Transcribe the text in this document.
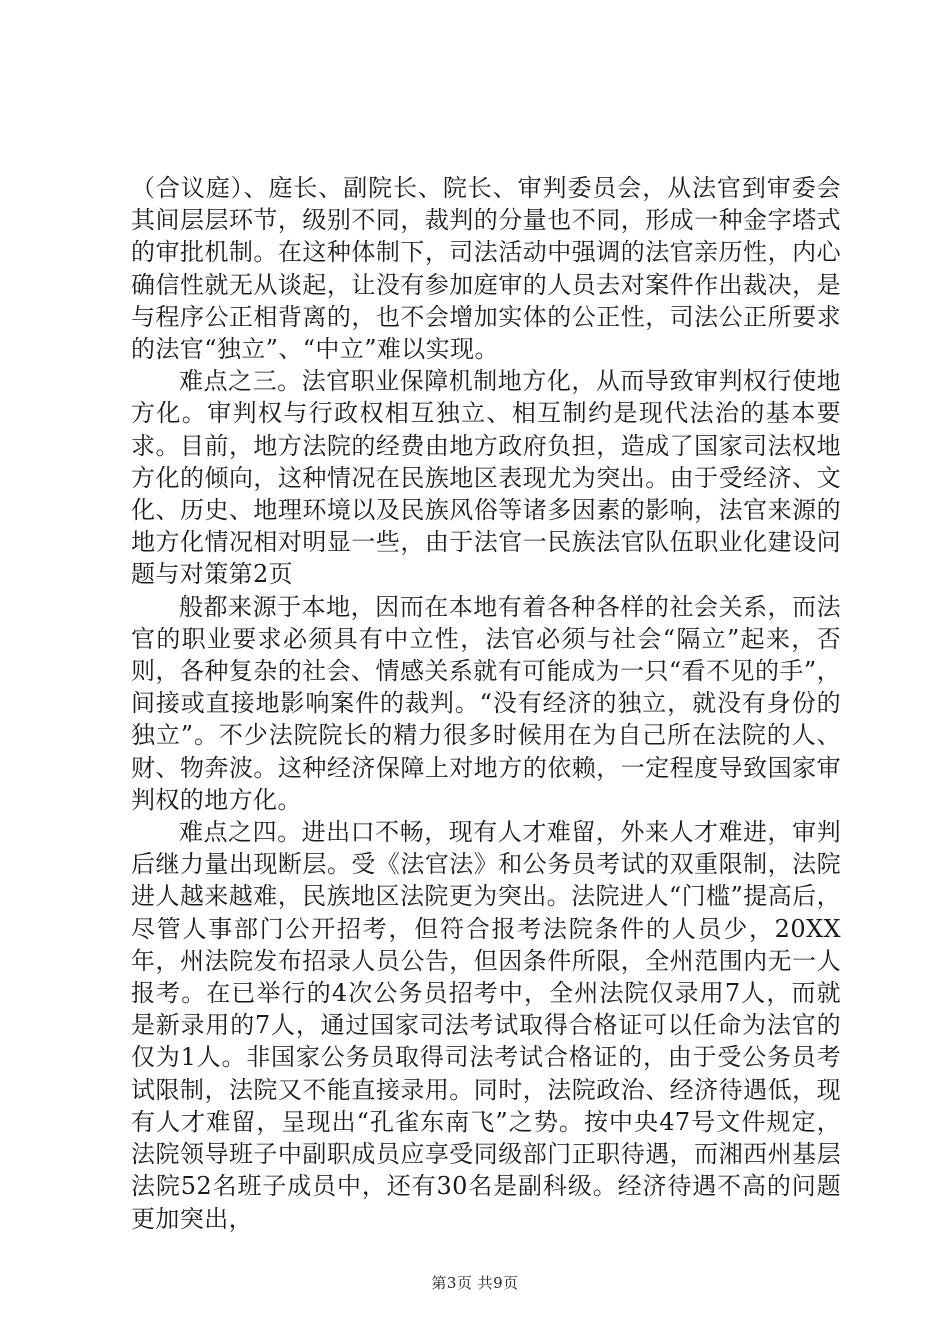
（合议庭）、庭长、副院长、院长、审判委员会，从法官到审委会其间层层环节，级别不同，裁判的分量也不同，形成一种金字塔式的审批机制。在这种体制下，司法活动中强调的法官亲历性，内心确信性就无从谈起，让没有参加庭审的人员去对案件作出裁决，是与程序公正相背离的，也不会增加实体的公正性，司法公正所要求的法官“独立”、“中立”难以实现。

难点之三。法官职业保障机制地方化，从而导致审判权行使地方化。审判权与行政权相互独立、相互制约是现代法治的基本要求。目前，地方法院的经费由地方政府负担，造成了国家司法权地方化的倾向，这种情况在民族地区表现尤为突出。由于受经济、文化、历史、地理环境以及民族风俗等诸多因素的影响，法官来源的地方化情况相对明显一些，由于法官一民族法官队伍职业化建设问题与对策第2页

般都来源于本地，因而在本地有着各种各样的社会关系，而法官的职业要求必须具有中立性，法官必须与社会“隔立”起来，否则，各种复杂的社会、情感关系就有可能成为一只“看不见的手”，间接或直接地影响案件的裁判。“没有经济的独立，就没有身份的独立”。不少法院院长的精力很多时候用在为自己所在法院的人、财、物奔波。这种经济保障上对地方的依赖，一定程度导致国家审判权的地方化。

难点之四。进出口不畅，现有人才难留，外来人才难进，审判后继力量出现断层。受《法官法》和公务员考试的双重限制，法院进人越来越难，民族地区法院更为突出。法院进人“门槛”提高后，尽管人事部门公开招考，但符合报考法院条件的人员少，20XX年，州法院发布招录人员公告，但因条件所限，全州范围内无一人报考。在已举行的4次公务员招考中，全州法院仅录用7人，而就是新录用的7人，通过国家司法考试取得合格证可以任命为法官的仅为1人。非国家公务员取得司法考试合格证的，由于受公务员考试限制，法院又不能直接录用。同时，法院政治、经济待遇低，现有人才难留，呈现出“孔雀东南飞”之势。按中央47号文件规定，法院领导班子中副职成员应享受同级部门正职待遇，而湘西州基层法院52名班子成员中，还有30名是副科级。经济待遇不高的问题更加突出，

第3页 共9页
